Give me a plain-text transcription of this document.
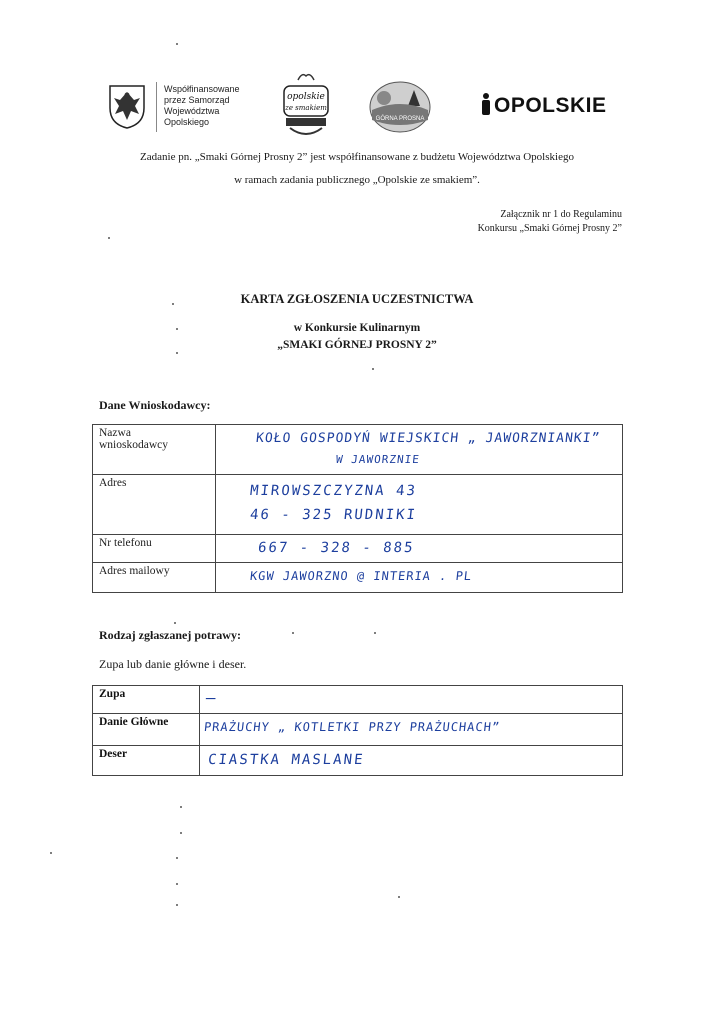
Współfinansowane
przez Samorząd
Województwa
Opolskiego
opolskie
ze smakiem
GÓRNA PROSNA
OPOLSKIE
Zadanie pn. „Smaki Górnej Prosny 2” jest współfinansowane z budżetu Województwa Opolskiego
w ramach zadania publicznego „Opolskie ze smakiem”.
Załącznik nr 1 do Regulaminu
Konkursu „Smaki Górnej Prosny 2”
KARTA ZGŁOSZENIA UCZESTNICTWA
w Konkursie Kulinarnym
„SMAKI GÓRNEJ PROSNY 2”
Dane Wnioskodawcy:
Nazwa wnioskodawcy	KOŁO GOSPODYŃ WIEJSKICH „ JAWORZNIANKI”
W JAWORZNIE

Adres	MIROWSZCZYZNA 43
46 - 325 RUDNIKI

Nr telefonu	667 - 328 - 885

Adres mailowy	KGW JAWORZNO @ INTERIA . PL
Rodzaj zgłaszanej potrawy:
Zupa lub danie główne i deser.
Zupa	—

Danie Główne	PRAŻUCHY „ KOTLETKI PRZY PRAŻUCHACH”

Deser	CIASTKA MASLANE
